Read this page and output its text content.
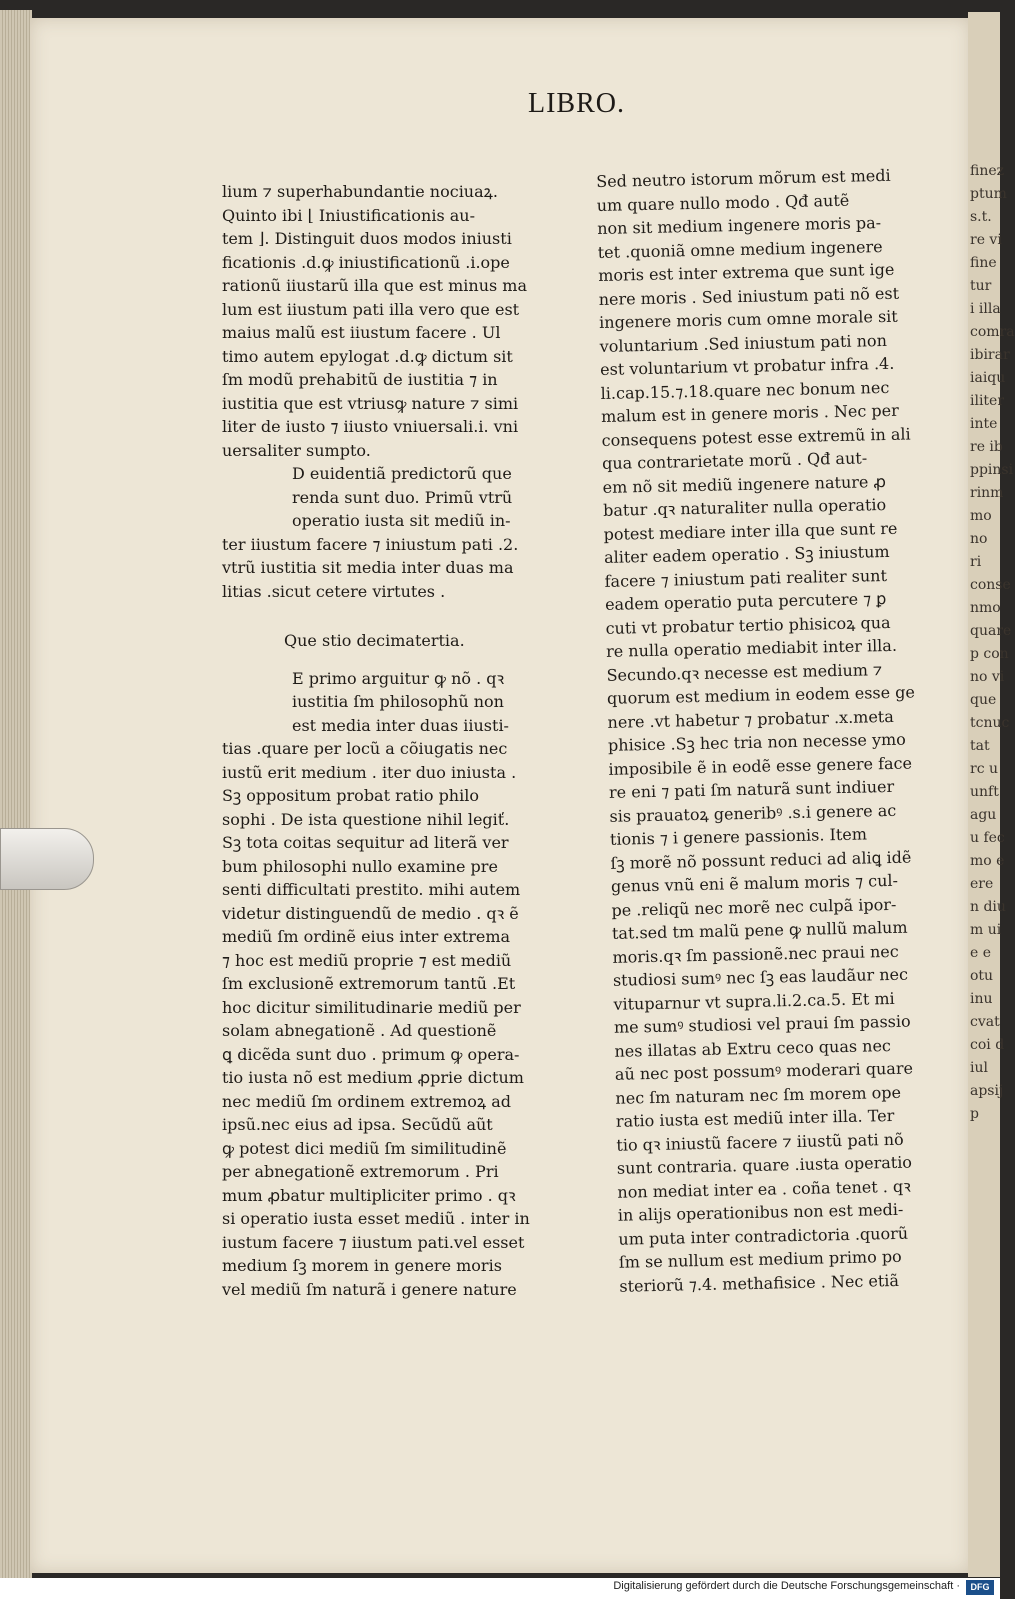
LIBRO.
lium ⁊ superhabundantie nociuaꝝ.
Quinto ibi ⌊ Iniustificationis au‑
tem ⌋. Distinguit duos modos iniusti
ficationis .d.ꝙ iniustificationũ .i.ope
rationũ iiustarũ illa que est minus ma
lum est iiustum pati illa vero que est
maius malũ est iiustum facere . Ul
timo autem epylogat .d.ꝙ dictum sit
ſm modũ prehabitũ de iustitia ⁊ in
iustitia que est vtriusꝙ nature ⁊ simi
liter de iusto ⁊ iiusto vniuersali.i. vni
uersaliter sumpto.
D euidentiã predictorũ que
renda sunt duo. Primũ vtrũ
operatio iusta sit mediũ in‑
ter iiustum facere ⁊ iniustum pati .2.
vtrũ iustitia sit media inter duas ma
litias .sicut cetere virtutes .
Que stio decimatertia.
E primo arguitur ꝙ nõ . qꝛ
iustitia ſm philosophũ non
est media inter duas iiusti‑
tias .quare per locũ a cõiugatis nec
iustũ erit medium . iter duo iniusta .
Sꝫ oppositum probat ratio philo
sophi . De ista questione nihil legiť.
Sꝫ tota coitas sequitur ad literã ver
bum philosophi nullo examine pre
senti difficultati prestito. mihi autem
videtur distinguendũ de medio . qꝛ ẽ
mediũ ſm ordinẽ eius inter extrema
⁊ hoc est mediũ proprie ⁊ est mediũ
ſm exclusionẽ extremorum tantũ .Et
hoc dicitur similitudinarie mediũ per
solam abnegationẽ . Ad questionẽ
ꝗ dicẽda sunt duo . primum ꝙ opera‑
tio iusta nõ est medium ꝓprie dictum
nec mediũ ſm ordinem extremoꝝ ad
ipsũ.nec eius ad ipsa. Secũdũ aũt
ꝙ potest dici mediũ ſm similitudinẽ
per abnegationẽ extremorum . Pri
mum ꝓbatur multipliciter primo . qꝛ
si operatio iusta esset mediũ . inter in
iustum facere ⁊ iiustum pati.vel esset
medium ſꝫ morem in genere moris
vel mediũ ſm naturã i genere nature
Sed neutro istorum mõrum est medi
um quare nullo modo . Qđ autẽ
non sit medium ingenere moris pa‑
tet .quoniã omne medium ingenere
moris est inter extrema que sunt ige
nere moris . Sed iniustum pati nõ est
ingenere moris cum omne morale sit
voluntarium .Sed iniustum pati non
est voluntarium vt probatur infra .4.
li.cap.15.⁊.18.quare nec bonum nec
malum est in genere moris . Nec per
consequens potest esse extremũ in ali
qua contrarietate morũ . Qđ aut‑
em nõ sit mediũ ingenere nature ꝓ
batur .qꝛ naturaliter nulla operatio
potest mediare inter illa que sunt re
aliter eadem operatio . Sꝫ iniustum
facere ⁊ iniustum pati realiter sunt
eadem operatio puta percutere ⁊ ꝑ
cuti vt probatur tertio phisicoꝝ qua
re nulla operatio mediabit inter illa.
Secundo.qꝛ necesse est medium ⁊
quorum est medium in eodem esse ge
nere .vt habetur ⁊ probatur .x.meta
phisice .Sꝫ hec tria non necesse ymo
imposibile ẽ in eodẽ esse genere face
re eni ⁊ pati ſm naturã sunt indiuer
sis prauatoꝝ generibꝰ .s.i genere ac
tionis ⁊ i genere passionis. Item
ſꝫ morẽ nõ possunt reduci ad aliꝗ idẽ
genus vnũ eni ẽ malum moris ⁊ cul‑
pe .reliqũ nec morẽ nec culpã ipor‑
tat.sed tm malũ pene ꝙ nullũ malum
moris.qꝛ ſm passionẽ.nec praui nec
studiosi sumꝰ nec ſꝫ eas laudãur nec
vituparnur vt supra.li.2.ca.5. Et mi
me sumꝰ studiosi vel praui ſm passio
nes illatas ab Extru ceco quas nec
aũ nec post possumꝰ moderari quare
nec ſm naturam nec ſm morem ope
ratio iusta est mediũ inter illa. Ter
tio qꝛ iniustũ facere ⁊ iiustũ pati nõ
sunt contraria. quare .iusta operatio
non mediat inter ea . coña tenet . qꝛ
in alijs operationibus non est medi‑
um puta inter contradictoria .quorũ
ſm se nullum est medium primo po
steriorũ ⁊.4. methafisice . Nec etiã
finez
ptum
s.t.
re vi
fine
tur
i illa
comra
ibirar
iaiqu
iliter
inte
re ib
ppinsi
rinm
mo
no
ri
conse
nmo
quare
p con
no vi
que
tcnuc
tat
rc u
unft
agu
u fec
mo e
ere
n diu
m ui
e e
otu
inu
cvat
coi d
iul
apsij
p
Digitalisierung gefördert durch die Deutsche Forschungsgemeinschaft ·	DFG
